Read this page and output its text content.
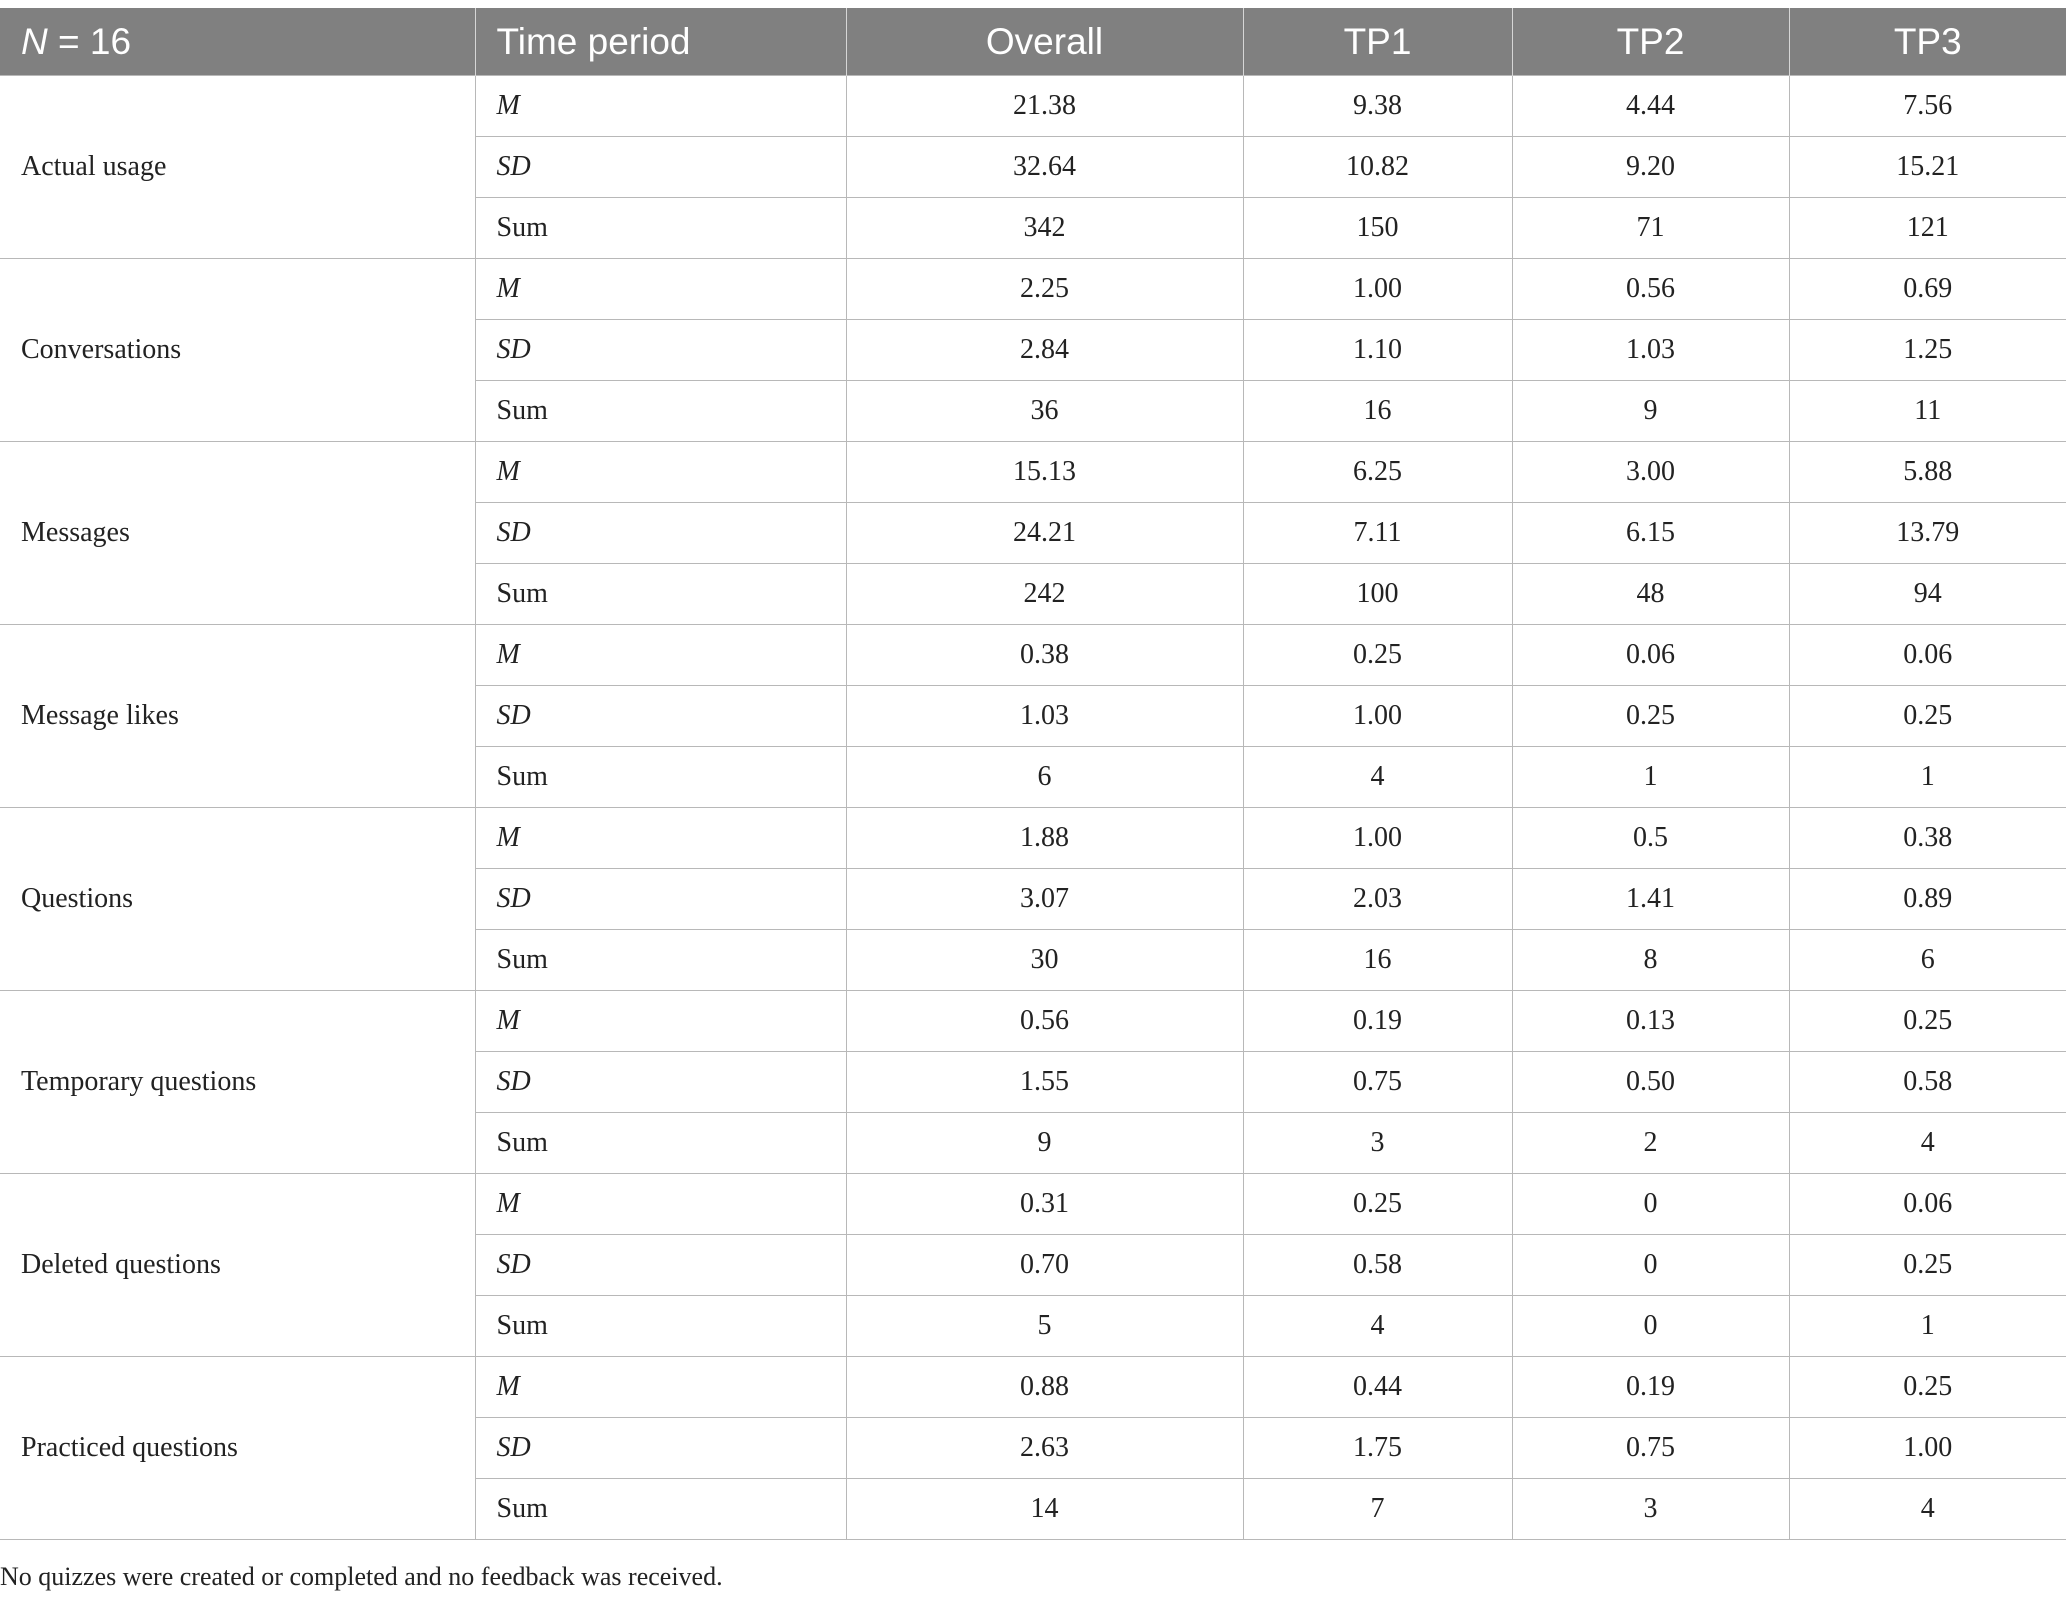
N = 16	Time period	Overall	TP1	TP2	TP3
Actual usage	M	21.38	9.38	4.44	7.56
	SD	32.64	10.82	9.20	15.21
	Sum	342	150	71	121
Conversations	M	2.25	1.00	0.56	0.69
	SD	2.84	1.10	1.03	1.25
	Sum	36	16	9	11
Messages	M	15.13	6.25	3.00	5.88
	SD	24.21	7.11	6.15	13.79
	Sum	242	100	48	94
Message likes	M	0.38	0.25	0.06	0.06
	SD	1.03	1.00	0.25	0.25
	Sum	6	4	1	1
Questions	M	1.88	1.00	0.5	0.38
	SD	3.07	2.03	1.41	0.89
	Sum	30	16	8	6
Temporary questions	M	0.56	0.19	0.13	0.25
	SD	1.55	0.75	0.50	0.58
	Sum	9	3	2	4
Deleted questions	M	0.31	0.25	0	0.06
	SD	0.70	0.58	0	0.25
	Sum	5	4	0	1
Practiced questions	M	0.88	0.44	0.19	0.25
	SD	2.63	1.75	0.75	1.00
	Sum	14	7	3	4

No quizzes were created or completed and no feedback was received.
